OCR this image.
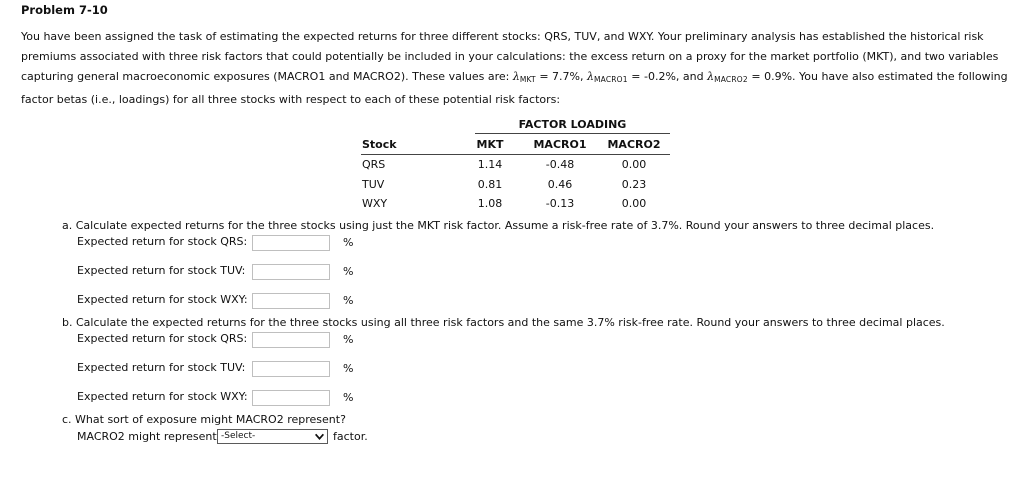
Problem 7-10
You have been assigned the task of estimating the expected returns for three different stocks: QRS, TUV, and WXY. Your preliminary analysis has established the historical risk premiums associated with three risk factors that could potentially be included in your calculations: the excess return on a proxy for the market portfolio (MKT), and two variables capturing general macroeconomic exposures (MACRO1 and MACRO2). These values are: $\lambda_{MKT} = 7.7\%$, $\lambda_{MACRO1} = -0.2\%$, and $\lambda_{MACRO2} = 0.9\%$. You have also estimated the following factor betas (i.e., loadings) for all three stocks with respect to each of these potential risk factors:
FACTOR LOADING
Stock	MKT	MACRO1	MACRO2
QRS	1.14	-0.48	0.00
TUV	0.81	0.46	0.23
WXY	1.08	-0.13	0.00
a. Calculate expected returns for the three stocks using just the MKT risk factor. Assume a risk-free rate of 3.7%. Round your answers to three decimal places.
Expected return for stock QRS:	%
Expected return for stock TUV:	%
Expected return for stock WXY:	%
b. Calculate the expected returns for the three stocks using all three risk factors and the same 3.7% risk-free rate. Round your answers to three decimal places.
Expected return for stock QRS:	%
Expected return for stock TUV:	%
Expected return for stock WXY:	%
c. What sort of exposure might MACRO2 represent?
MACRO2 might represent -Select-	factor.
